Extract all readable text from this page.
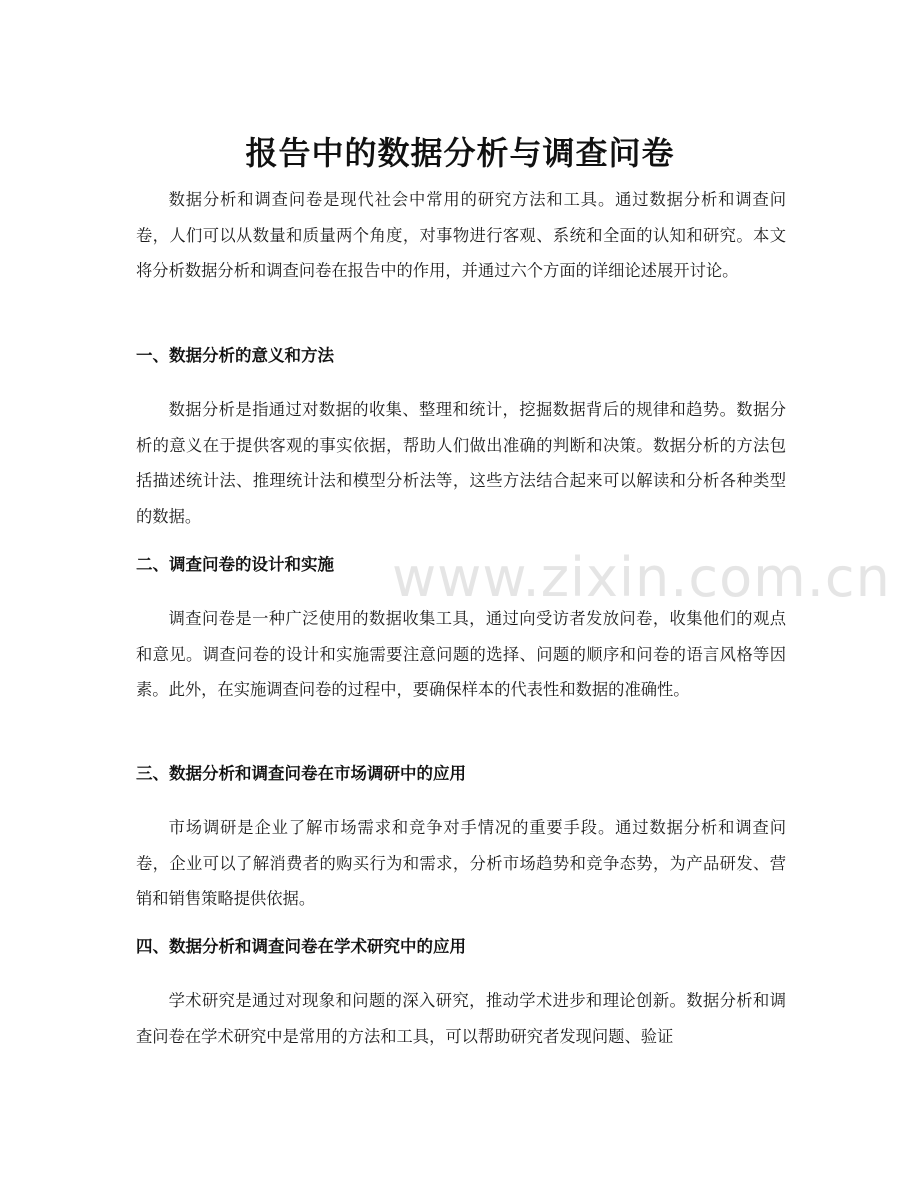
报告中的数据分析与调查问卷

数据分析和调查问卷是现代社会中常用的研究方法和工具。通过数据分析和调查问卷，人们可以从数量和质量两个角度，对事物进行客观、系统和全面的认知和研究。本文将分析数据分析和调查问卷在报告中的作用，并通过六个方面的详细论述展开讨论。

一、数据分析的意义和方法

数据分析是指通过对数据的收集、整理和统计，挖掘数据背后的规律和趋势。数据分析的意义在于提供客观的事实依据，帮助人们做出准确的判断和决策。数据分析的方法包括描述统计法、推理统计法和模型分析法等，这些方法结合起来可以解读和分析各种类型的数据。

二、调查问卷的设计和实施

调查问卷是一种广泛使用的数据收集工具，通过向受访者发放问卷，收集他们的观点和意见。调查问卷的设计和实施需要注意问题的选择、问题的顺序和问卷的语言风格等因素。此外，在实施调查问卷的过程中，要确保样本的代表性和数据的准确性。

三、数据分析和调查问卷在市场调研中的应用

市场调研是企业了解市场需求和竞争对手情况的重要手段。通过数据分析和调查问卷，企业可以了解消费者的购买行为和需求，分析市场趋势和竞争态势，为产品研发、营销和销售策略提供依据。

四、数据分析和调查问卷在学术研究中的应用

学术研究是通过对现象和问题的深入研究，推动学术进步和理论创新。数据分析和调查问卷在学术研究中是常用的方法和工具，可以帮助研究者发现问题、验证

www.zixin.com.cn
